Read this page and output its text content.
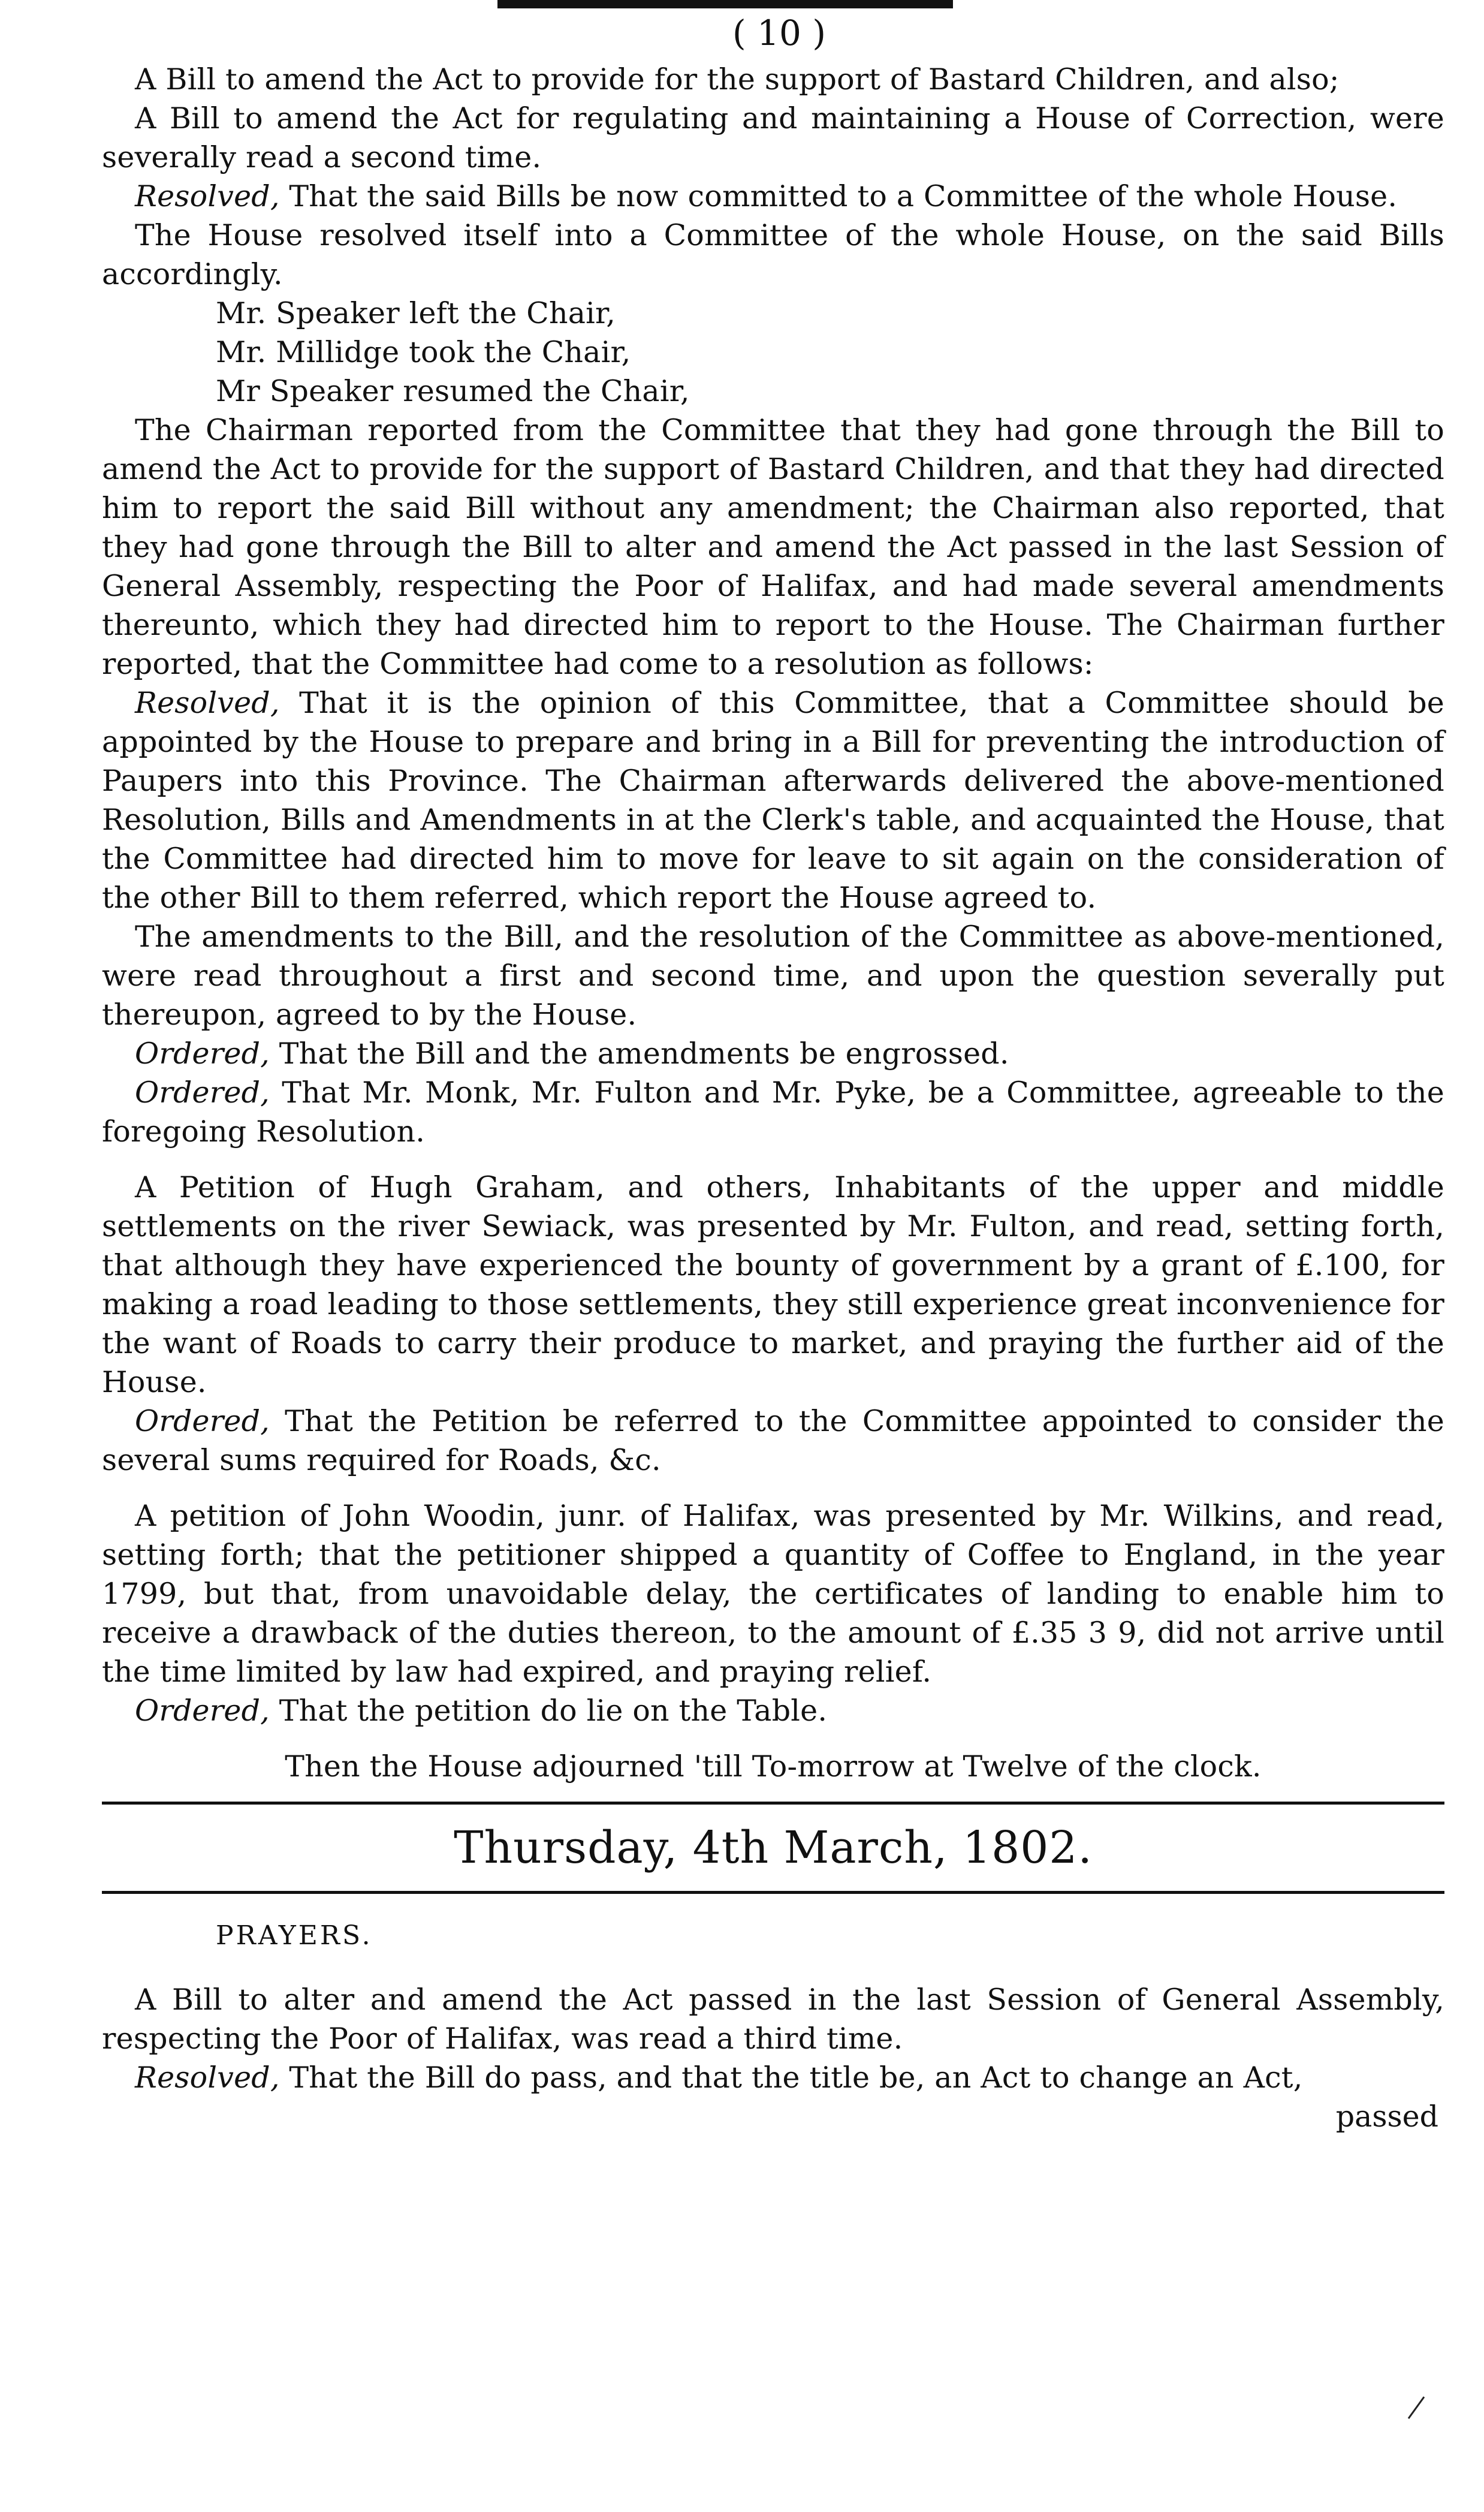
( 10 )

A Bill to amend the Act to provide for the support of Bastard Children, and also;

A Bill to amend the Act for regulating and maintaining a House of Correction, were severally read a second time.

Resolved, That the said Bills be now committed to a Committee of the whole House.

The House resolved itself into a Committee of the whole House, on the said Bills accordingly.

Mr. Speaker left the Chair,

Mr. Millidge took the Chair,

Mr Speaker resumed the Chair,

The Chairman reported from the Committee that they had gone through the Bill to amend the Act to provide for the support of Bastard Children, and that they had directed him to report the said Bill without any amendment; the Chairman also reported, that they had gone through the Bill to alter and amend the Act passed in the last Session of General Assembly, respecting the Poor of Halifax, and had made several amendments thereunto, which they had directed him to report to the House. The Chairman further reported, that the Committee had come to a resolution as follows:

Resolved, That it is the opinion of this Committee, that a Committee should be appointed by the House to prepare and bring in a Bill for preventing the introduction of Paupers into this Province. The Chairman afterwards delivered the above-mentioned Resolution, Bills and Amendments in at the Clerk's table, and acquainted the House, that the Committee had directed him to move for leave to sit again on the consideration of the other Bill to them referred, which report the House agreed to.

The amendments to the Bill, and the resolution of the Committee as above-mentioned, were read throughout a first and second time, and upon the question severally put thereupon, agreed to by the House.

Ordered, That the Bill and the amendments be engrossed.

Ordered, That Mr. Monk, Mr. Fulton and Mr. Pyke, be a Committee, agreeable to the foregoing Resolution.

A Petition of Hugh Graham, and others, Inhabitants of the upper and middle settlements on the river Sewiack, was presented by Mr. Fulton, and read, setting forth, that although they have experienced the bounty of government by a grant of £.100, for making a road leading to those settlements, they still experience great inconvenience for the want of Roads to carry their produce to market, and praying the further aid of the House.

Ordered, That the Petition be referred to the Committee appointed to consider the several sums required for Roads, &c.

A petition of John Woodin, junr. of Halifax, was presented by Mr. Wilkins, and read, setting forth; that the petitioner shipped a quantity of Coffee to England, in the year 1799, but that, from unavoidable delay, the certificates of landing to enable him to receive a drawback of the duties thereon, to the amount of £.35 3 9, did not arrive until the time limited by law had expired, and praying relief.

Ordered, That the petition do lie on the Table.

Then the House adjourned 'till To-morrow at Twelve of the clock.

Thursday, 4th March, 1802.
PRAYERS.

A Bill to alter and amend the Act passed in the last Session of General Assembly, respecting the Poor of Halifax, was read a third time.

Resolved, That the Bill do pass, and that the title be, an Act to change an Act,

passed
